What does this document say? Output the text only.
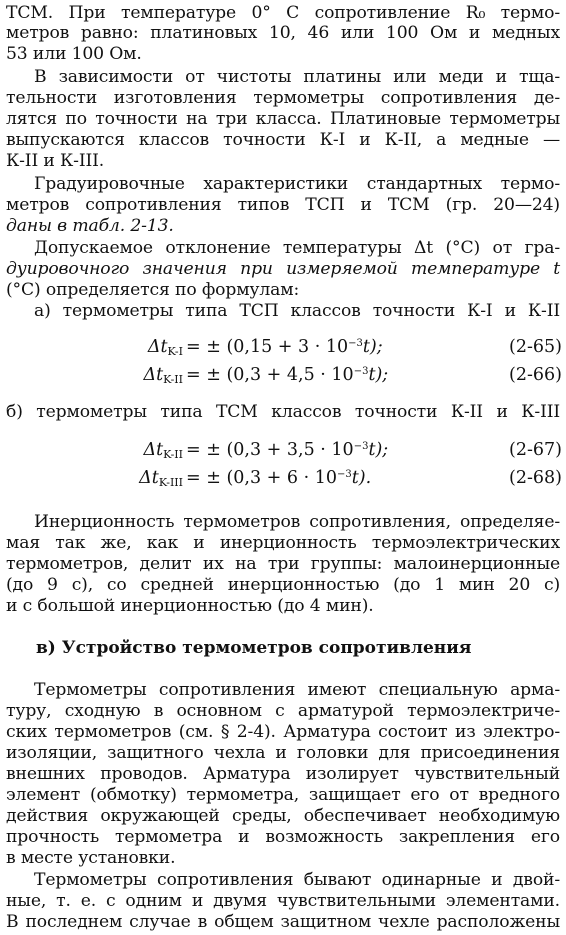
ТСМ. При температуре 0° С сопротивление R₀ термо-
метров равно: платиновых 10, 46 или 100 Ом и медных
53 или 100 Ом.
В зависимости от чистоты платины или меди и тща-
тельности изготовления термометры сопротивления де-
лятся по точности на три класса. Платиновые термометры
выпускаются классов точности К-I и К-II, а медные —
К-II и К-III.
Градуировочные характеристики стандартных термо-
метров сопротивления типов ТСП и ТСМ (гр. 20—24)
даны в табл. 2-13.
Допускаемое отклонение температуры Δt (°С) от гра-
дуировочного значения при измеряемой температуре t
(°С) определяется по формулам:
а) термометры типа ТСП классов точности К-I и К-II
$\Delta t_{K-I}$ = ± $(0,15 + 3 \cdot 10^{-3}t)$;	(2-65)
$\Delta t_{K-II}$ = ± $(0,3 + 4,5 \cdot 10^{-3}t)$;	(2-66)
б) термометры типа ТСМ классов точности К-II и К-III
$\Delta t_{K-II}$ = ± $(0,3 + 3,5 \cdot 10^{-3}t)$;	(2-67)
$\Delta t_{K-III}$ = ± $(0,3 + 6 \cdot 10^{-3}t)$.	(2-68)
Инерционность термометров сопротивления, определяе-
мая так же, как и инерционность термоэлектрических
термометров, делит их на три группы: малоинерционные
(до 9 с), со средней инерционностью (до 1 мин 20 с)
и с большой инерционностью (до 4 мин).
в) Устройство термометров сопротивления
Термометры сопротивления имеют специальную арма-
туру, сходную в основном с арматурой термоэлектриче-
ских термометров (см. § 2-4). Арматура состоит из электро-
изоляции, защитного чехла и головки для присоединения
внешних проводов. Арматура изолирует чувствительный
элемент (обмотку) термометра, защищает его от вредного
действия окружающей среды, обеспечивает необходимую
прочность термометра и возможность закрепления его
в месте установки.
Термометры сопротивления бывают одинарные и двой-
ные, т. е. с одним и двумя чувствительными элементами.
В последнем случае в общем защитном чехле расположены
